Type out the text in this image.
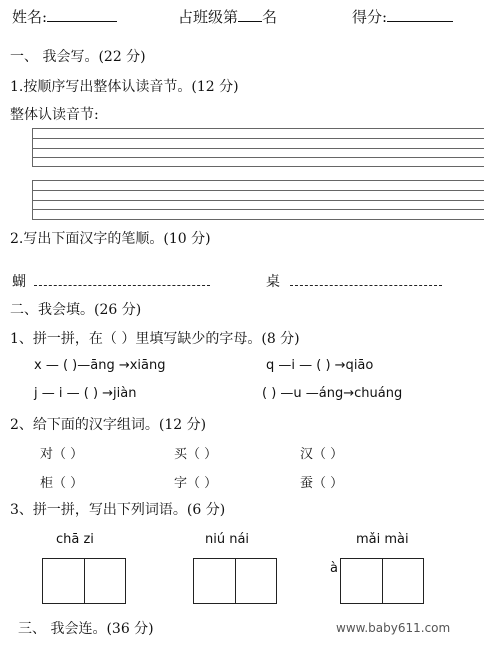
姓名:	占班级第 名	得分:
一、 我会写。(22 分)
1.按顺序写出整体认读音节。(12 分)
整体认读音节:
2.写出下面汉字的笔顺。(10 分)
蝴	桌
二、我会填。(26 分)
1、拼一拼，在（ ）里填写缺少的字母。(8 分)
x — ( )—āng →xiāng	q —i — ( ) →qiāo
j — i — ( ) →jiàn	( ) —u —áng→chuáng
2、给下面的汉字组词。(12 分)
对（ ）	买（ ）	汉（ ）
柜（ ）	字（ ）	蚕（ ）
3、拼一拼，写出下列词语。(6 分)
chā zi	niú nái	mǎi mài
à
三、 我会连。(36 分)	www.baby611.com
